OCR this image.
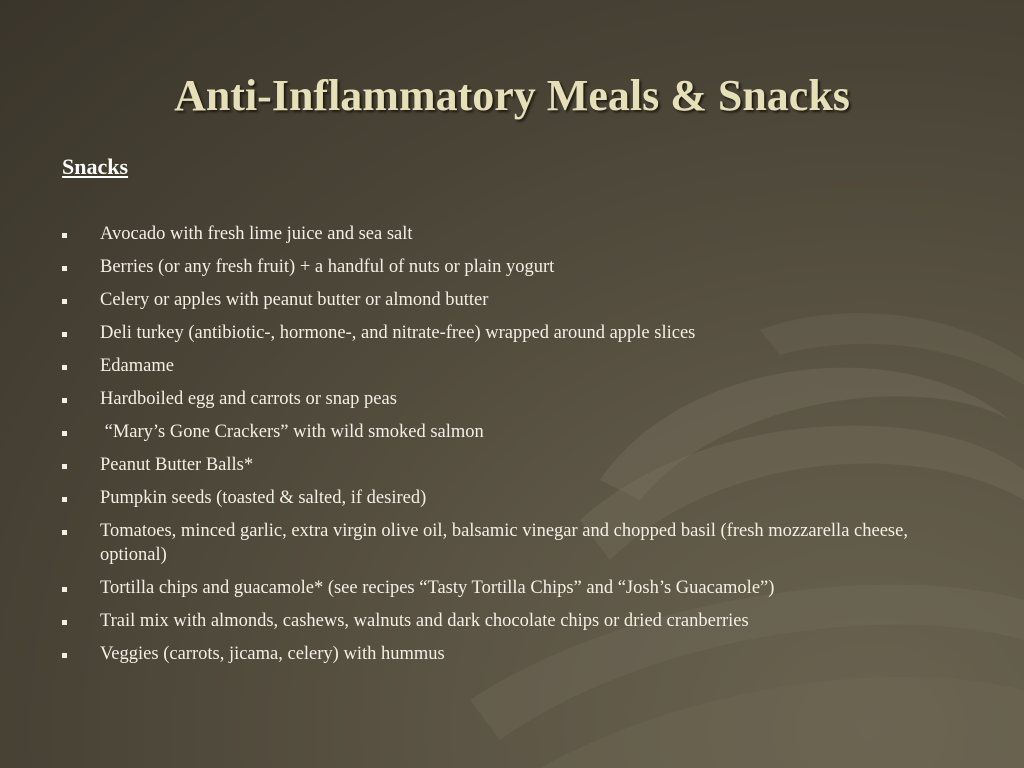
Anti-Inflammatory Meals & Snacks
Snacks
Avocado with fresh lime juice and sea salt
Berries (or any fresh fruit) + a handful of nuts or plain yogurt
Celery or apples with peanut butter or almond butter
Deli turkey (antibiotic-, hormone-, and nitrate-free) wrapped around apple slices
Edamame
Hardboiled egg and carrots or snap peas
“Mary’s Gone Crackers” with wild smoked salmon
Peanut Butter Balls*
Pumpkin seeds (toasted & salted, if desired)
Tomatoes, minced garlic, extra virgin olive oil, balsamic vinegar and chopped basil (fresh mozzarella cheese, optional)
Tortilla chips and guacamole* (see recipes “Tasty Tortilla Chips” and “Josh’s Guacamole”)
Trail mix with almonds, cashews, walnuts and dark chocolate chips or dried cranberries
Veggies (carrots, jicama, celery) with hummus
